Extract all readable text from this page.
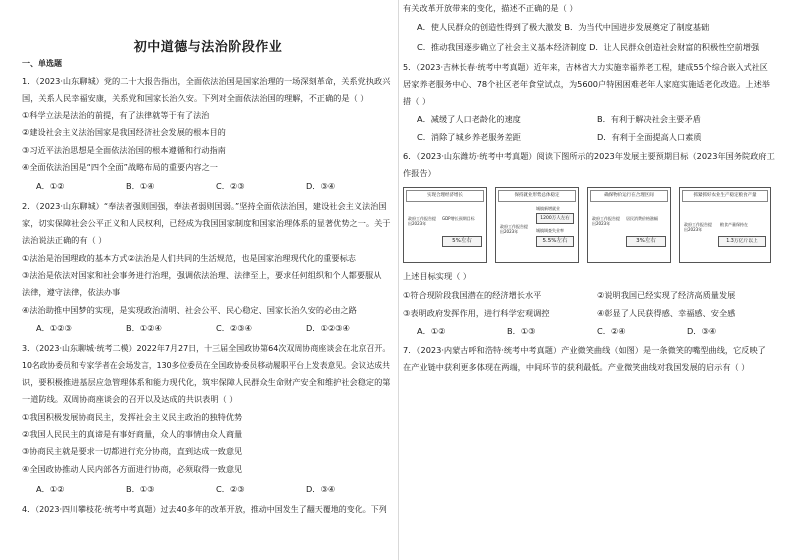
初中道德与法治阶段作业
一、单选题
1．（2023·山东聊城）党的二十大报告指出，全面依法治国是国家治理的一场深刻革命，关系党执政兴
国，关系人民幸福安康，关系党和国家长治久安。下列对全面依法治国的理解，不正确的是（ ）
①科学立法是法治的前提，有了法律就等于有了法治
②建设社会主义法治国家是我国经济社会发展的根本目的
③习近平法治思想是全面依法治国的根本遵循和行动指南
④全面依法治国是“四个全面”战略布局的重要内容之一
A．①②	B．①④	C．②③	D．③④
2．（2023·山东聊城）“奉法者强则国强，奉法者弱则国弱。”坚持全面依法治国，建设社会主义法治国
家，切实保障社会公平正义和人民权利，已经成为我国国家制度和国家治理体系的显著优势之一。关于
法治说法正确的有（ ）
①法治是治国理政的基本方式②法治是人们共同的生活规范，也是国家治理现代化的重要标志
③法治是依法对国家和社会事务进行治理，强调依法治理、法律至上，要求任何组织和个人都要服从
法律，遵守法律，依法办事
④法治助推中国梦的实现，是实现政治清明、社会公平、民心稳定、国家长治久安的必由之路
A．①②③	B．①②④	C．②③④	D．①②③④
3．（2023·山东聊城·统考二模）2022年7月27日，十三届全国政协第64次双周协商座谈会在北京召开。
10名政协委员和专家学者在会场发言，130多位委员在全国政协委员移动履职平台上发表意见。会议达成共
识，要积极推进基层应急管理体系和能力现代化，筑牢保障人民群众生命财产安全和维护社会稳定的第
一道防线。双周协商座谈会的召开以及达成的共识表明（ ）
①我国积极发展协商民主，发挥社会主义民主政治的独特优势
②我国人民民主的真谛是有事好商量，众人的事情由众人商量
③协商民主就是要求一切都进行充分协商，直到达成一致意见
④全国政协推动人民内部各方面进行协商，必须取得一致意见
A．①②	B．①③	C．②③	D．③④
4．（2023·四川攀枝花·统考中考真题）过去40多年的改革开放，推动中国发生了翻天覆地的变化。下列
有关改革开放带来的变化，描述不正确的是（ ）
A．使人民群众的创造性得到了极大激发 B．为当代中国进步发展奠定了制度基础
C．推动我国逐步确立了社会主义基本经济制度 D．让人民群众创造社会财富的积极性空前增强
5．（2023·吉林长春·统考中考真题）近年来，吉林省大力实施幸福养老工程，建成55个综合嵌入式社区
居家养老服务中心、78个社区老年食堂试点，为5600户特困困难老年人家庭实施适老化改造。上述举
措（ ）
A．减缓了人口老龄化的速度	B．有利于解决社会主要矛盾
C．消除了城乡养老服务差距	D．有利于全面提高人口素质
6．（2023·山东潍坊·统考中考真题）阅读下图所示的2023年发展主要预期目标（2023年国务院政府工
作报告）
实现合理经济增长
政府工作报告提出2023年
GDP增长预期目标
5%左右
保持就业形势总体稳定
政府工作报告提出2023年
城镇新增就业
1200万人左右
城镇调查失业率
5.5%左右
确保物价运行在合理区间
政府工作报告提出2023年
居民消费价格涨幅
3%左右
抓紧抓好农业生产稳定粮食产量
政府工作报告提出2023年
粮食产量保持在
1.3万亿斤以上
上述目标实现（ ）
①符合现阶段我国潜在的经济增长水平	②说明我国已经实现了经济高质量发展
③表明政府发挥作用，进行科学宏观调控	④彰显了人民获得感、幸福感、安全感
A．①②	B．①③	C．②④	D．③④
7．（2023·内蒙古呼和浩特·统考中考真题）产业微笑曲线（如图）是一条微笑的嘴型曲线，它反映了
在产业链中获利更多体现在两端，中间环节的获利最低。产业微笑曲线对我国发展的启示有（ ）
